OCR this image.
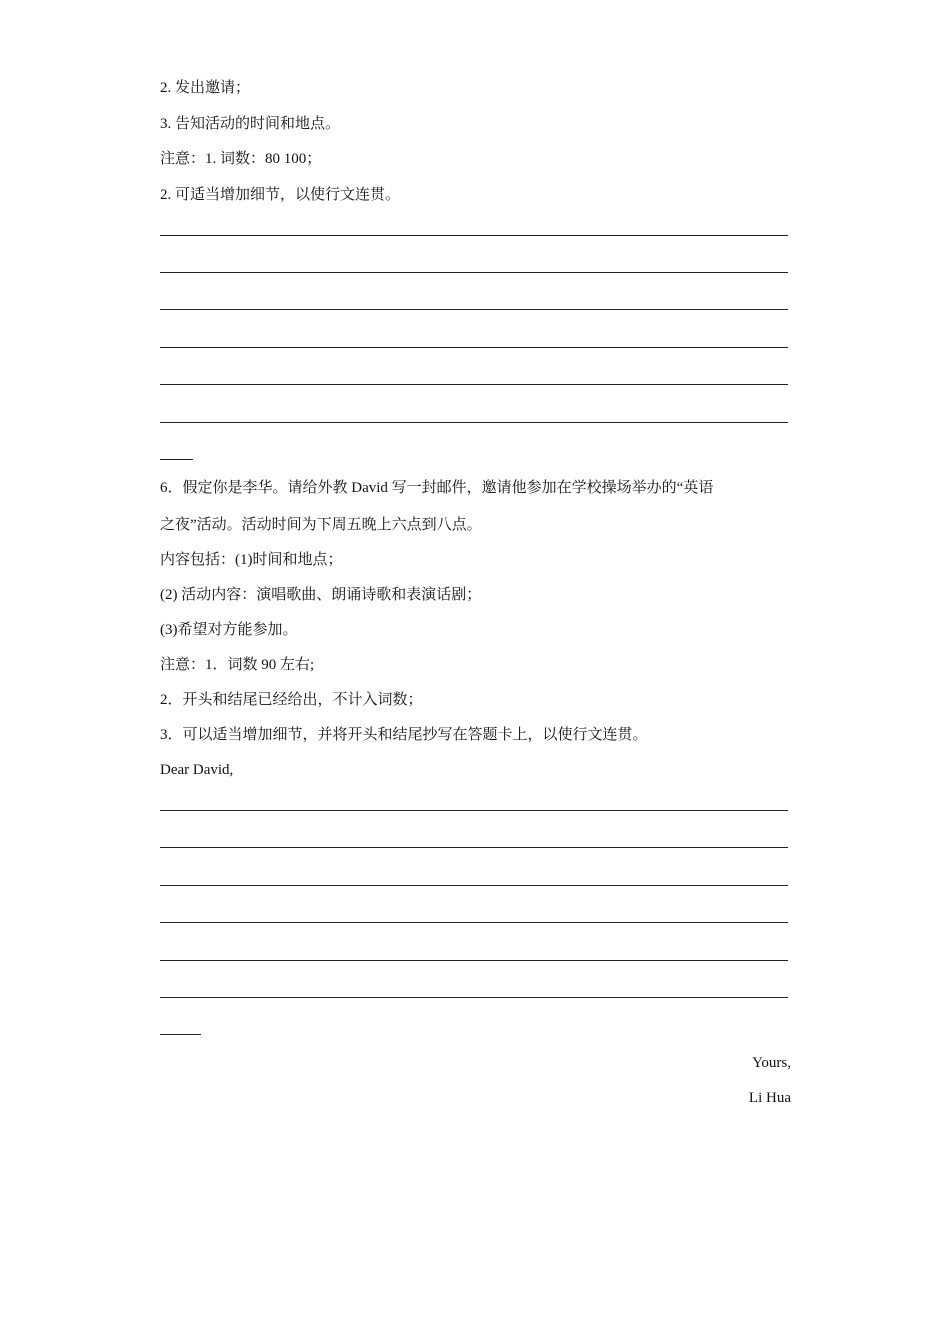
2. 发出邀请；
3. 告知活动的时间和地点。
注意：1. 词数：80 100；
2. 可适当增加细节，以使行文连贯。
6．假定你是李华。请给外教 David 写一封邮件，邀请他参加在学校操场举办的“英语
之夜”活动。活动时间为下周五晚上六点到八点。
内容包括：(1)时间和地点；
(2) 活动内容：演唱歌曲、朗诵诗歌和表演话剧；
(3)希望对方能参加。
注意：1．词数 90 左右;
2．开头和结尾已经给出，不计入词数；
3．可以适当增加细节，并将开头和结尾抄写在答题卡上，以使行文连贯。
Dear David,
Yours,
Li Hua
